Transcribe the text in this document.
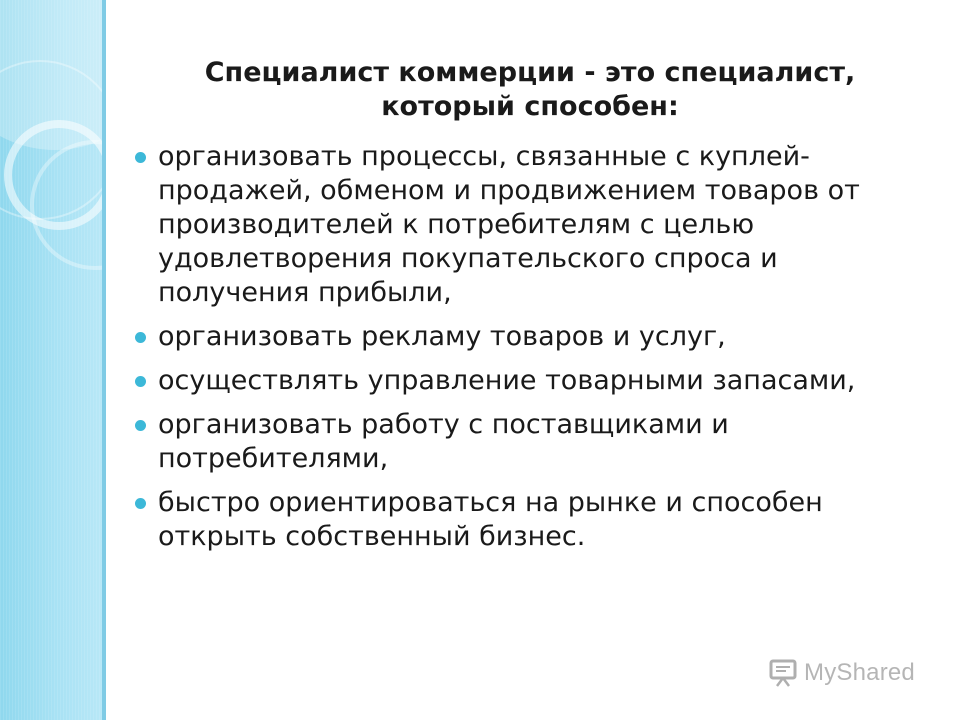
Специалист коммерции - это специалист,
который способен:
организовать процессы, связанные с куплей-продажей, обменом и продвижением товаров от производителей к потребителям с целью удовлетворения покупательского спроса и получения прибыли,
организовать рекламу товаров и услуг,
осуществлять управление товарными запасами,
организовать работу с поставщиками и потребителями,
быстро ориентироваться на рынке и способен открыть собственный бизнес.
MyShared
